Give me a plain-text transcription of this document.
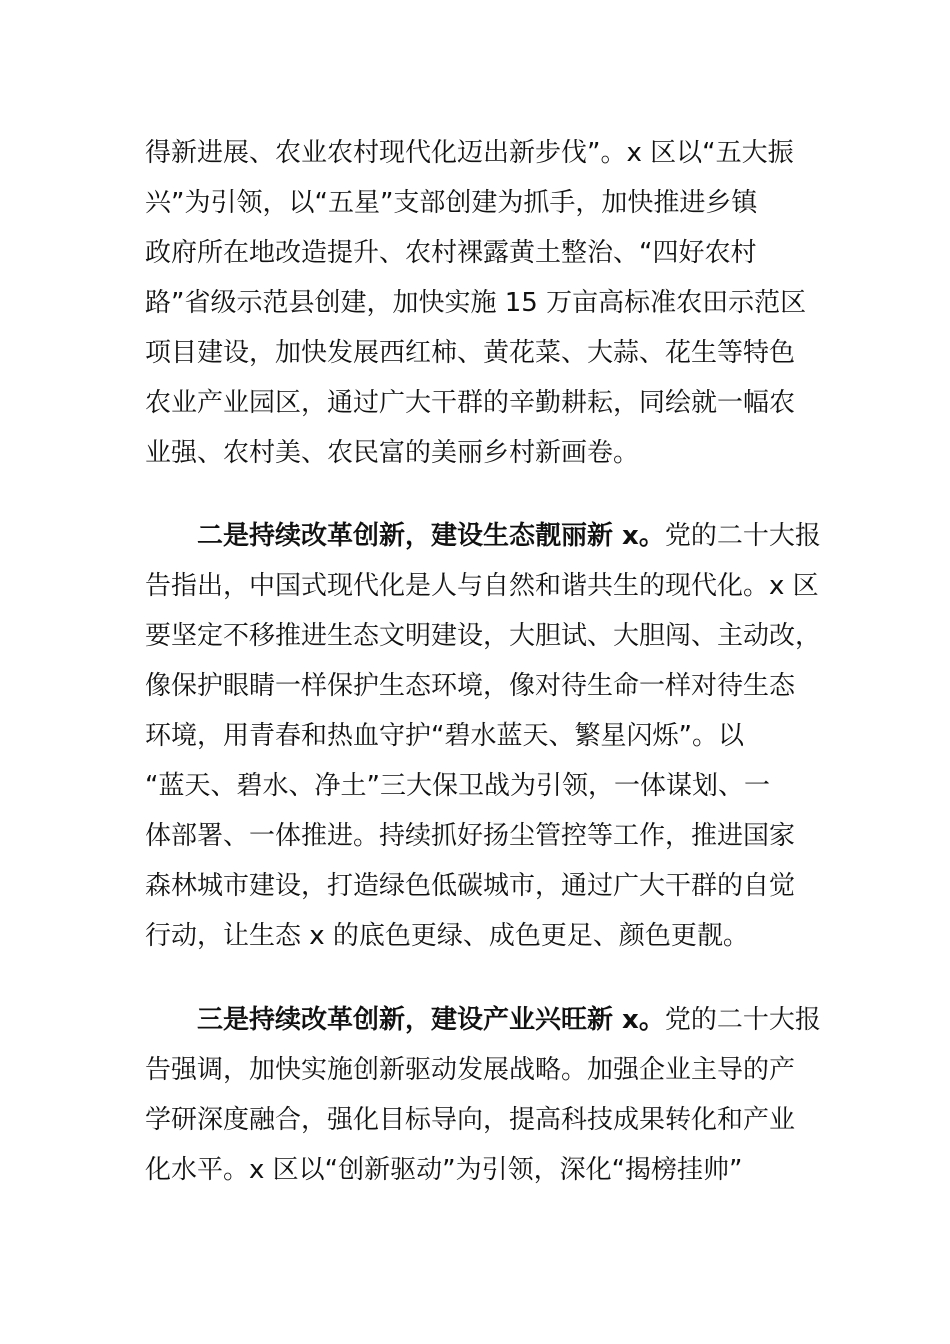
得新进展、农业农村现代化迈出新步伐”。x 区以“五大振
兴”为引领，以“五星”支部创建为抓手，加快推进乡镇
政府所在地改造提升、农村裸露黄土整治、“四好农村
路”省级示范县创建，加快实施 15 万亩高标准农田示范区
项目建设，加快发展西红柿、黄花菜、大蒜、花生等特色
农业产业园区，通过广大干群的辛勤耕耘，同绘就一幅农
业强、农村美、农民富的美丽乡村新画卷。
二是持续改革创新，建设生态靓丽新 x。党的二十大报
告指出，中国式现代化是人与自然和谐共生的现代化。x 区
要坚定不移推进生态文明建设，大胆试、大胆闯、主动改，
像保护眼睛一样保护生态环境，像对待生命一样对待生态
环境，用青春和热血守护“碧水蓝天、繁星闪烁”。以
“蓝天、碧水、净土”三大保卫战为引领，一体谋划、一
体部署、一体推进。持续抓好扬尘管控等工作，推进国家
森林城市建设，打造绿色低碳城市，通过广大干群的自觉
行动，让生态 x 的底色更绿、成色更足、颜色更靓。
三是持续改革创新，建设产业兴旺新 x。党的二十大报
告强调，加快实施创新驱动发展战略。加强企业主导的产
学研深度融合，强化目标导向，提高科技成果转化和产业
化水平。x 区以“创新驱动”为引领，深化“揭榜挂帅”
